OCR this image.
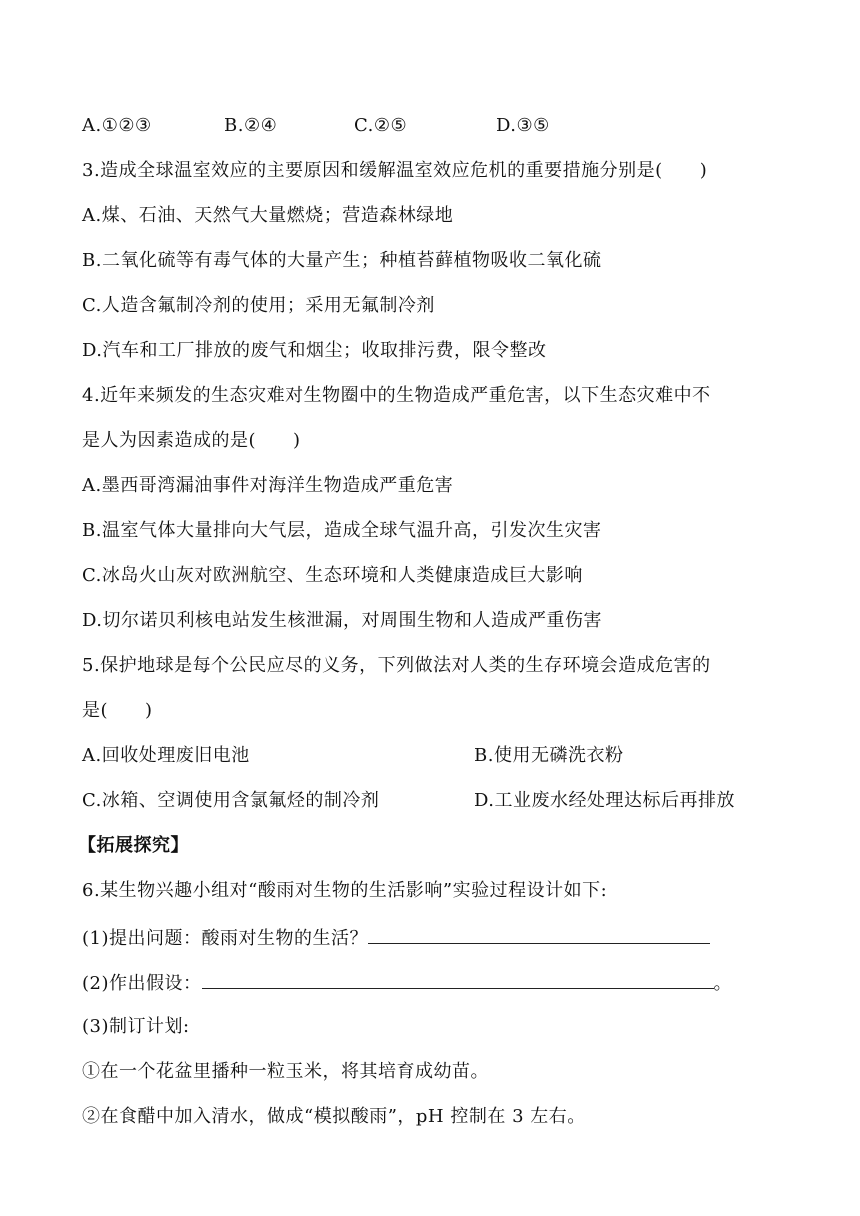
A.①②③	B.②④	C.②⑤	D.③⑤
3.造成全球温室效应的主要原因和缓解温室效应危机的重要措施分别是(　　)
A.煤、石油、天然气大量燃烧；营造森林绿地
B.二氧化硫等有毒气体的大量产生；种植苔藓植物吸收二氧化硫
C.人造含氟制冷剂的使用；采用无氟制冷剂
D.汽车和工厂排放的废气和烟尘；收取排污费，限令整改
4.近年来频发的生态灾难对生物圈中的生物造成严重危害，以下生态灾难中不
是人为因素造成的是(　　)
A.墨西哥湾漏油事件对海洋生物造成严重危害
B.温室气体大量排向大气层，造成全球气温升高，引发次生灾害
C.冰岛火山灰对欧洲航空、生态环境和人类健康造成巨大影响
D.切尔诺贝利核电站发生核泄漏，对周围生物和人造成严重伤害
5.保护地球是每个公民应尽的义务，下列做法对人类的生存环境会造成危害的
是(　　)
A.回收处理废旧电池	B.使用无磷洗衣粉
C.冰箱、空调使用含氯氟烃的制冷剂	D.工业废水经处理达标后再排放
【拓展探究】
6.某生物兴趣小组对“酸雨对生物的生活影响”实验过程设计如下:
(1)提出问题：酸雨对生物的生活？
(2)作出假设：	。
(3)制订计划:
①在一个花盆里播种一粒玉米，将其培育成幼苗。
②在食醋中加入清水，做成“模拟酸雨”，pH 控制在 3 左右。
